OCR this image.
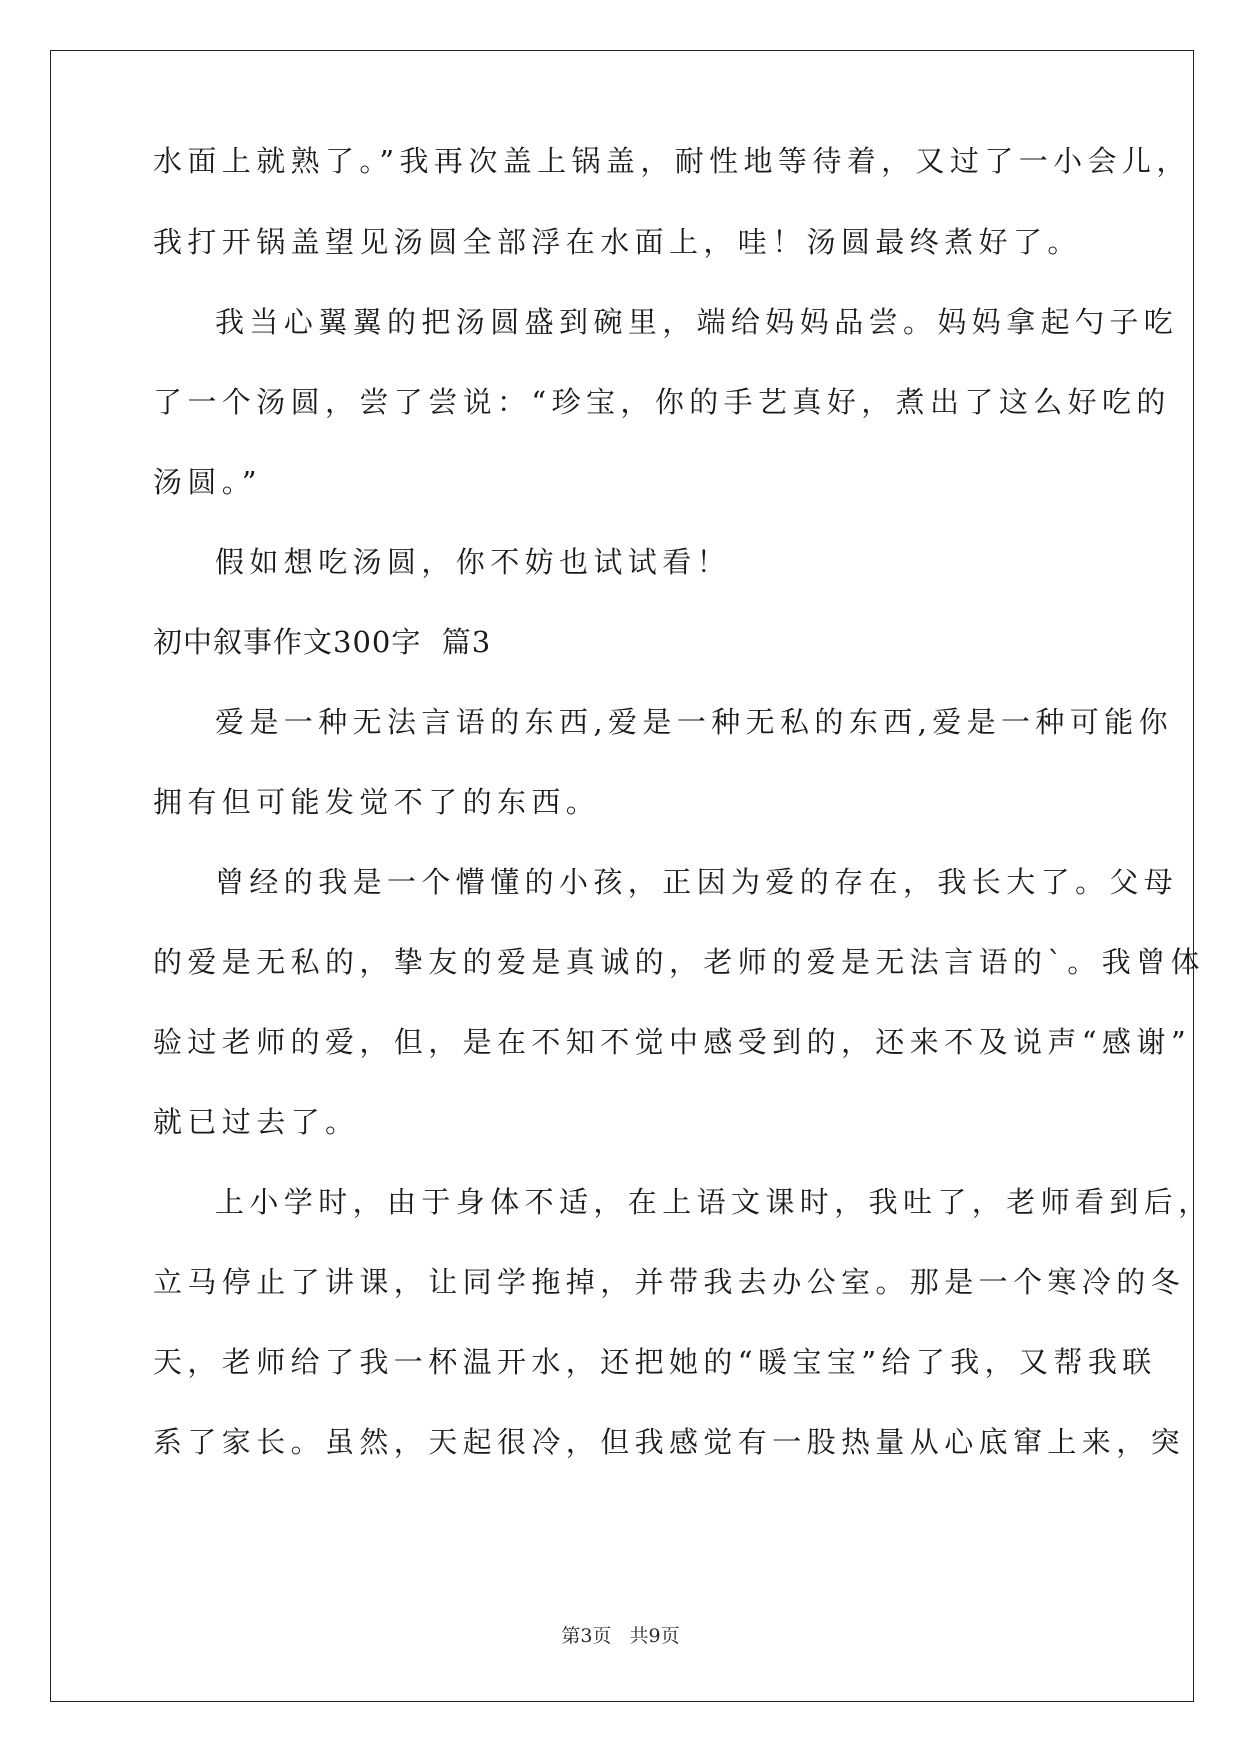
水面上就熟了。”我再次盖上锅盖，耐性地等待着，又过了一小会儿，
我打开锅盖望见汤圆全部浮在水面上，哇！汤圆最终煮好了。
我当心翼翼的把汤圆盛到碗里，端给妈妈品尝。妈妈拿起勺子吃
了一个汤圆，尝了尝说：“珍宝，你的手艺真好，煮出了这么好吃的
汤圆。”
假如想吃汤圆，你不妨也试试看！
初中叙事作文300字  篇3
爱是一种无法言语的东西,爱是一种无私的东西,爱是一种可能你
拥有但可能发觉不了的东西。
曾经的我是一个懵懂的小孩，正因为爱的存在，我长大了。父母
的爱是无私的，挚友的爱是真诚的，老师的爱是无法言语的`。我曾体
验过老师的爱，但，是在不知不觉中感受到的，还来不及说声“感谢”
就已过去了。
上小学时，由于身体不适，在上语文课时，我吐了，老师看到后，
立马停止了讲课，让同学拖掉，并带我去办公室。那是一个寒冷的冬
天，老师给了我一杯温开水，还把她的“暖宝宝”给了我，又帮我联
系了家长。虽然，天起很冷，但我感觉有一股热量从心底窜上来，突
第3页   共9页
